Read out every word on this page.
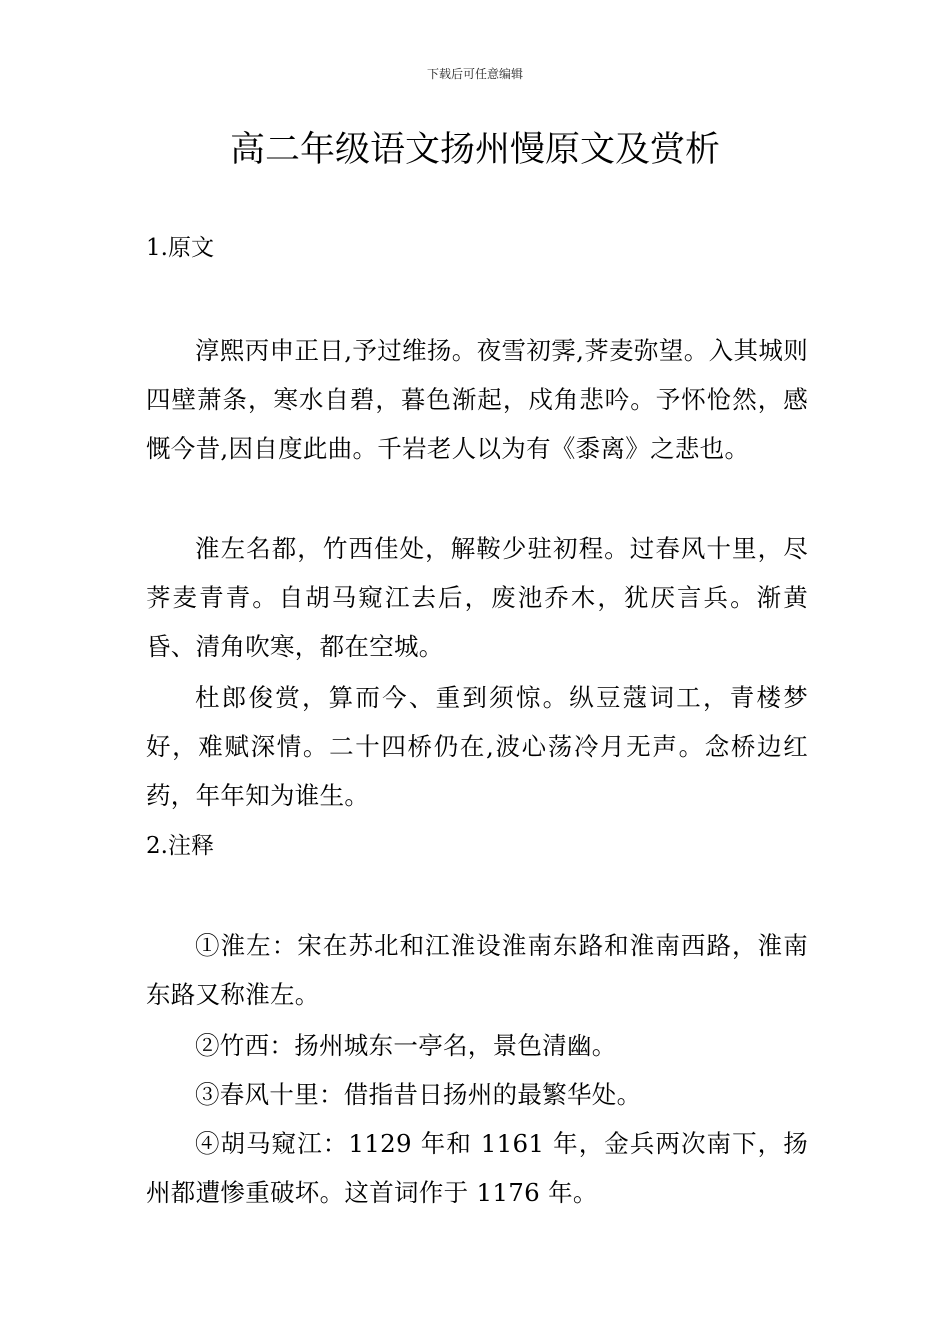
下载后可任意编辑
高二年级语文扬州慢原文及赏析
1.原文

淳熙丙申正日,予过维扬。夜雪初霁,荠麦弥望。入其城则四壁萧条，寒水自碧，暮色渐起，戍角悲吟。予怀怆然，感慨今昔,因自度此曲。千岩老人以为有《黍离》之悲也。

淮左名都，竹西佳处，解鞍少驻初程。过春风十里，尽荠麦青青。自胡马窥江去后，废池乔木，犹厌言兵。渐黄昏、清角吹寒，都在空城。

杜郎俊赏，算而今、重到须惊。纵豆蔻词工，青楼梦好，难赋深情。二十四桥仍在,波心荡冷月无声。念桥边红药，年年知为谁生。

2.注释

①淮左：宋在苏北和江淮设淮南东路和淮南西路，淮南东路又称淮左。

②竹西：扬州城东一亭名，景色清幽。

③春风十里：借指昔日扬州的最繁华处。

④胡马窥江：1129 年和 1161 年，金兵两次南下，扬州都遭惨重破坏。这首词作于 1176 年。
